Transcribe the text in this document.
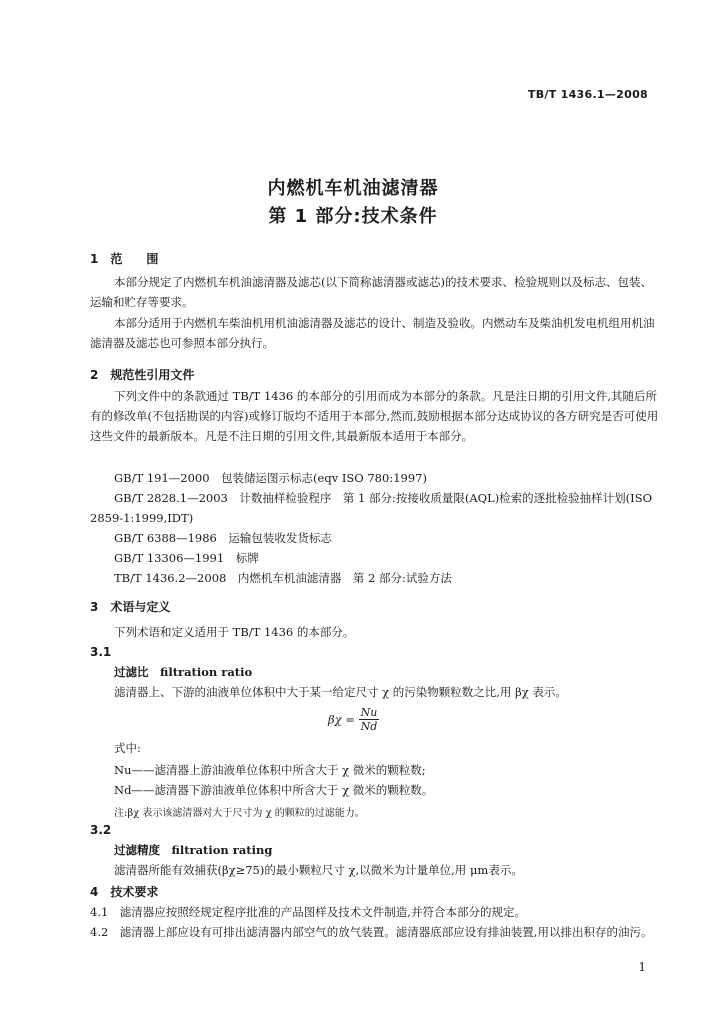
TB/T 1436.1—2008
内燃机车机油滤清器
第 1 部分:技术条件
1　范　　围
本部分规定了内燃机车机油滤清器及滤芯(以下简称滤清器或滤芯)的技术要求、检验规则以及标志、包装、运输和贮存等要求。
本部分适用于内燃机车柴油机用机油滤清器及滤芯的设计、制造及验收。内燃动车及柴油机发电机组用机油滤清器及滤芯也可参照本部分执行。
2　规范性引用文件
下列文件中的条款通过 TB/T 1436 的本部分的引用而成为本部分的条款。凡是注日期的引用文件,其随后所有的修改单(不包括勘误的内容)或修订版均不适用于本部分,然而,鼓励根据本部分达成协议的各方研究是否可使用这些文件的最新版本。凡是不注日期的引用文件,其最新版本适用于本部分。
GB/T 191—2000　包装储运图示标志(eqv ISO 780:1997)
GB/T 2828.1—2003　计数抽样检验程序　第 1 部分:按接收质量限(AQL)检索的逐批检验抽样计划(ISO 2859-1:1999,IDT)
GB/T 6388—1986　运输包装收发货标志
GB/T 13306—1991　标牌
TB/T 1436.2—2008　内燃机车机油滤清器　第 2 部分:试验方法
3　术语与定义
下列术语和定义适用于 TB/T 1436 的本部分。
3.1
过滤比　filtration ratio
滤清器上、下游的油液单位体积中大于某一给定尺寸 χ 的污染物颗粒数之比,用 βχ 表示。
$\beta\chi = \frac{Nu}{Nd}$
式中:
Nu——滤清器上游油液单位体积中所含大于 χ 微米的颗粒数;
Nd——滤清器下游油液单位体积中所含大于 χ 微米的颗粒数。
注:βχ 表示该滤清器对大于尺寸为 χ 的颗粒的过滤能力。
3.2
过滤精度　filtration rating
滤清器所能有效捕获(βχ≥75)的最小颗粒尺寸 χ,以微米为计量单位,用 μm表示。
4　技术要求
4.1　滤清器应按照经规定程序批准的产品图样及技术文件制造,并符合本部分的规定。
4.2　滤清器上部应设有可排出滤清器内部空气的放气装置。滤清器底部应设有排油装置,用以排出积存的油污。
1
